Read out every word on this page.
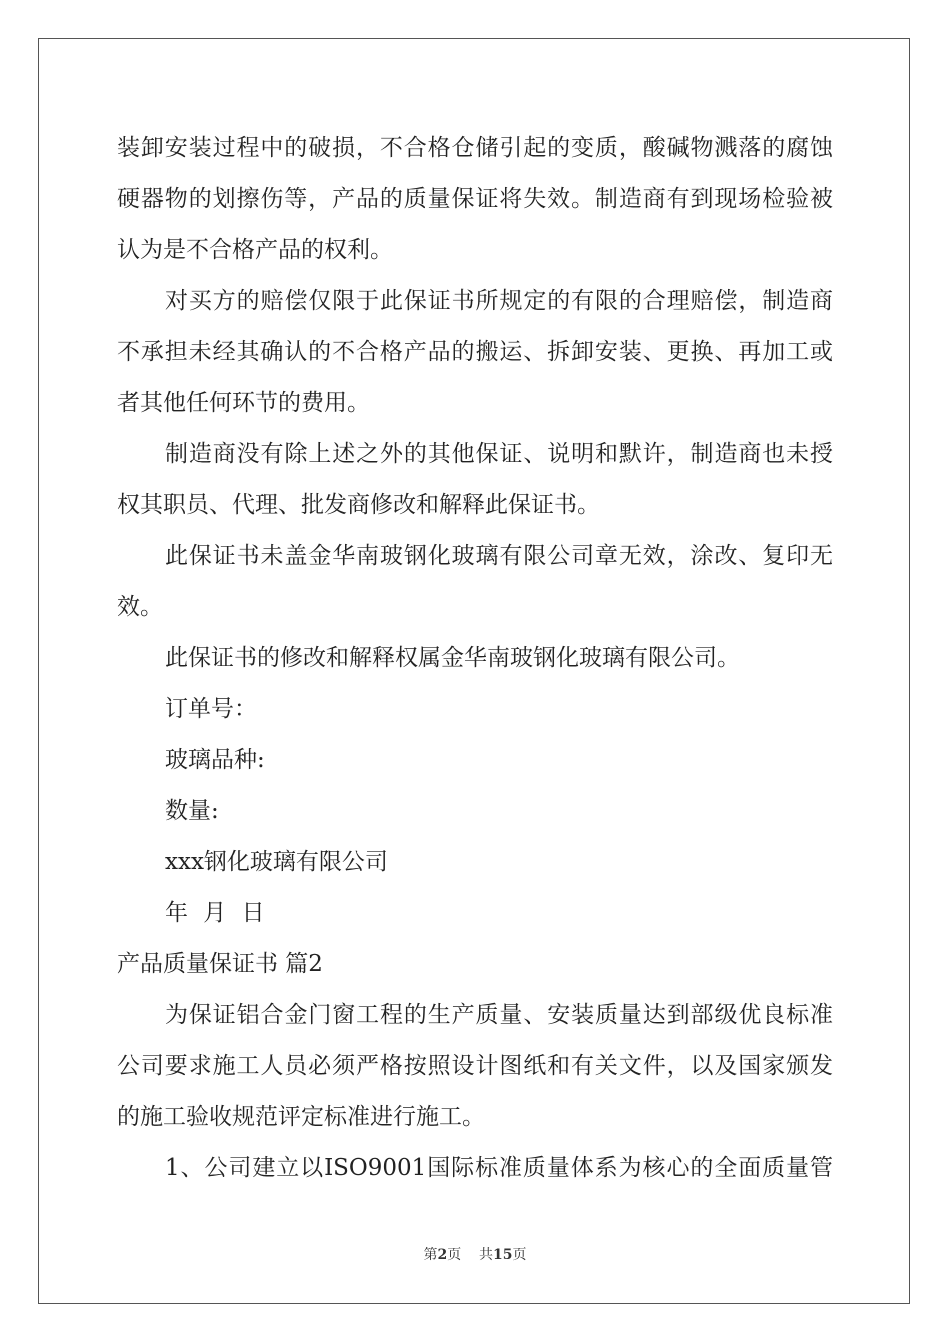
装卸安装过程中的破损，不合格仓储引起的变质，酸碱物溅落的腐蚀
硬器物的划擦伤等，产品的质量保证将失效。制造商有到现场检验被
认为是不合格产品的权利。
对买方的赔偿仅限于此保证书所规定的有限的合理赔偿，制造商
不承担未经其确认的不合格产品的搬运、拆卸安装、更换、再加工或
者其他任何环节的费用。
制造商没有除上述之外的其他保证、说明和默许，制造商也未授
权其职员、代理、批发商修改和解释此保证书。
此保证书未盖金华南玻钢化玻璃有限公司章无效，涂改、复印无
效。
此保证书的修改和解释权属金华南玻钢化玻璃有限公司。
订单号：
玻璃品种:
数量:
xxx钢化玻璃有限公司
年 月 日
产品质量保证书 篇2
为保证铝合金门窗工程的生产质量、安装质量达到部级优良标准
公司要求施工人员必须严格按照设计图纸和有关文件，以及国家颁发
的施工验收规范评定标准进行施工。
1、公司建立以ISO9001国际标准质量体系为核心的全面质量管
第2页 共15页
